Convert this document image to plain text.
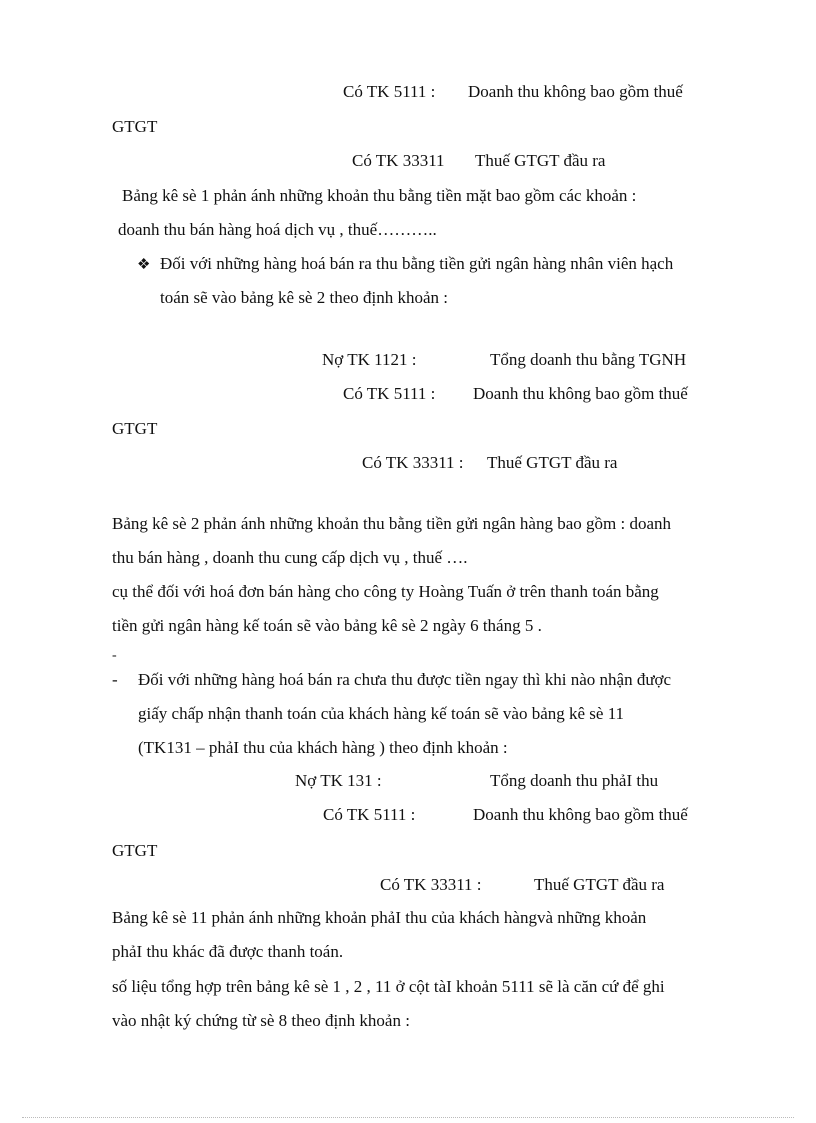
Có TK 5111 : Doanh thu không bao gồm thuế
GTGT
Có TK 33311 Thuế GTGT đầu ra
Bảng kê sè 1 phản ánh những khoản thu bằng tiền mặt bao gồm các khoản :
doanh thu bán hàng hoá dịch vụ , thuế………..
❖ Đối với những hàng hoá bán ra thu bằng tiền gửi ngân hàng nhân viên hạch
toán sẽ vào bảng kê sè 2 theo định khoản :
Nợ TK 1121 :	Tổng doanh thu bằng TGNH
Có TK 5111 : Doanh thu không bao gồm thuế
GTGT
Có TK 33311 : Thuế GTGT đầu ra
Bảng kê sè 2 phản ánh những khoản thu bằng tiền gửi ngân hàng bao gồm : doanh
thu bán hàng , doanh thu cung cấp dịch vụ , thuế ….
cụ thể đối với hoá đơn bán hàng cho công ty Hoàng Tuấn ở trên thanh toán bằng
tiền gửi ngân hàng kế toán sẽ vào bảng kê sè 2 ngày 6 tháng 5 .
-
- Đối với những hàng hoá bán ra chưa thu được tiền ngay thì khi nào nhận được
giấy chấp nhận thanh toán của khách hàng kế toán sẽ vào bảng kê sè 11
(TK131 – phảI thu của khách hàng ) theo định khoản :
Nợ TK 131 :	Tổng doanh thu phảI thu
Có TK 5111 :	Doanh thu không bao gồm thuế
GTGT
Có TK 33311 :	Thuế GTGT đầu ra
Bảng kê sè 11 phản ánh những khoản phảI thu của khách hàngvà những khoản
phảI thu khác đã được thanh toán.
số liệu tổng hợp trên bảng kê sè 1 , 2 , 11 ở cột tàI khoản 5111 sẽ là căn cứ để ghi
vào nhật ký chứng từ sè 8 theo định khoản :
